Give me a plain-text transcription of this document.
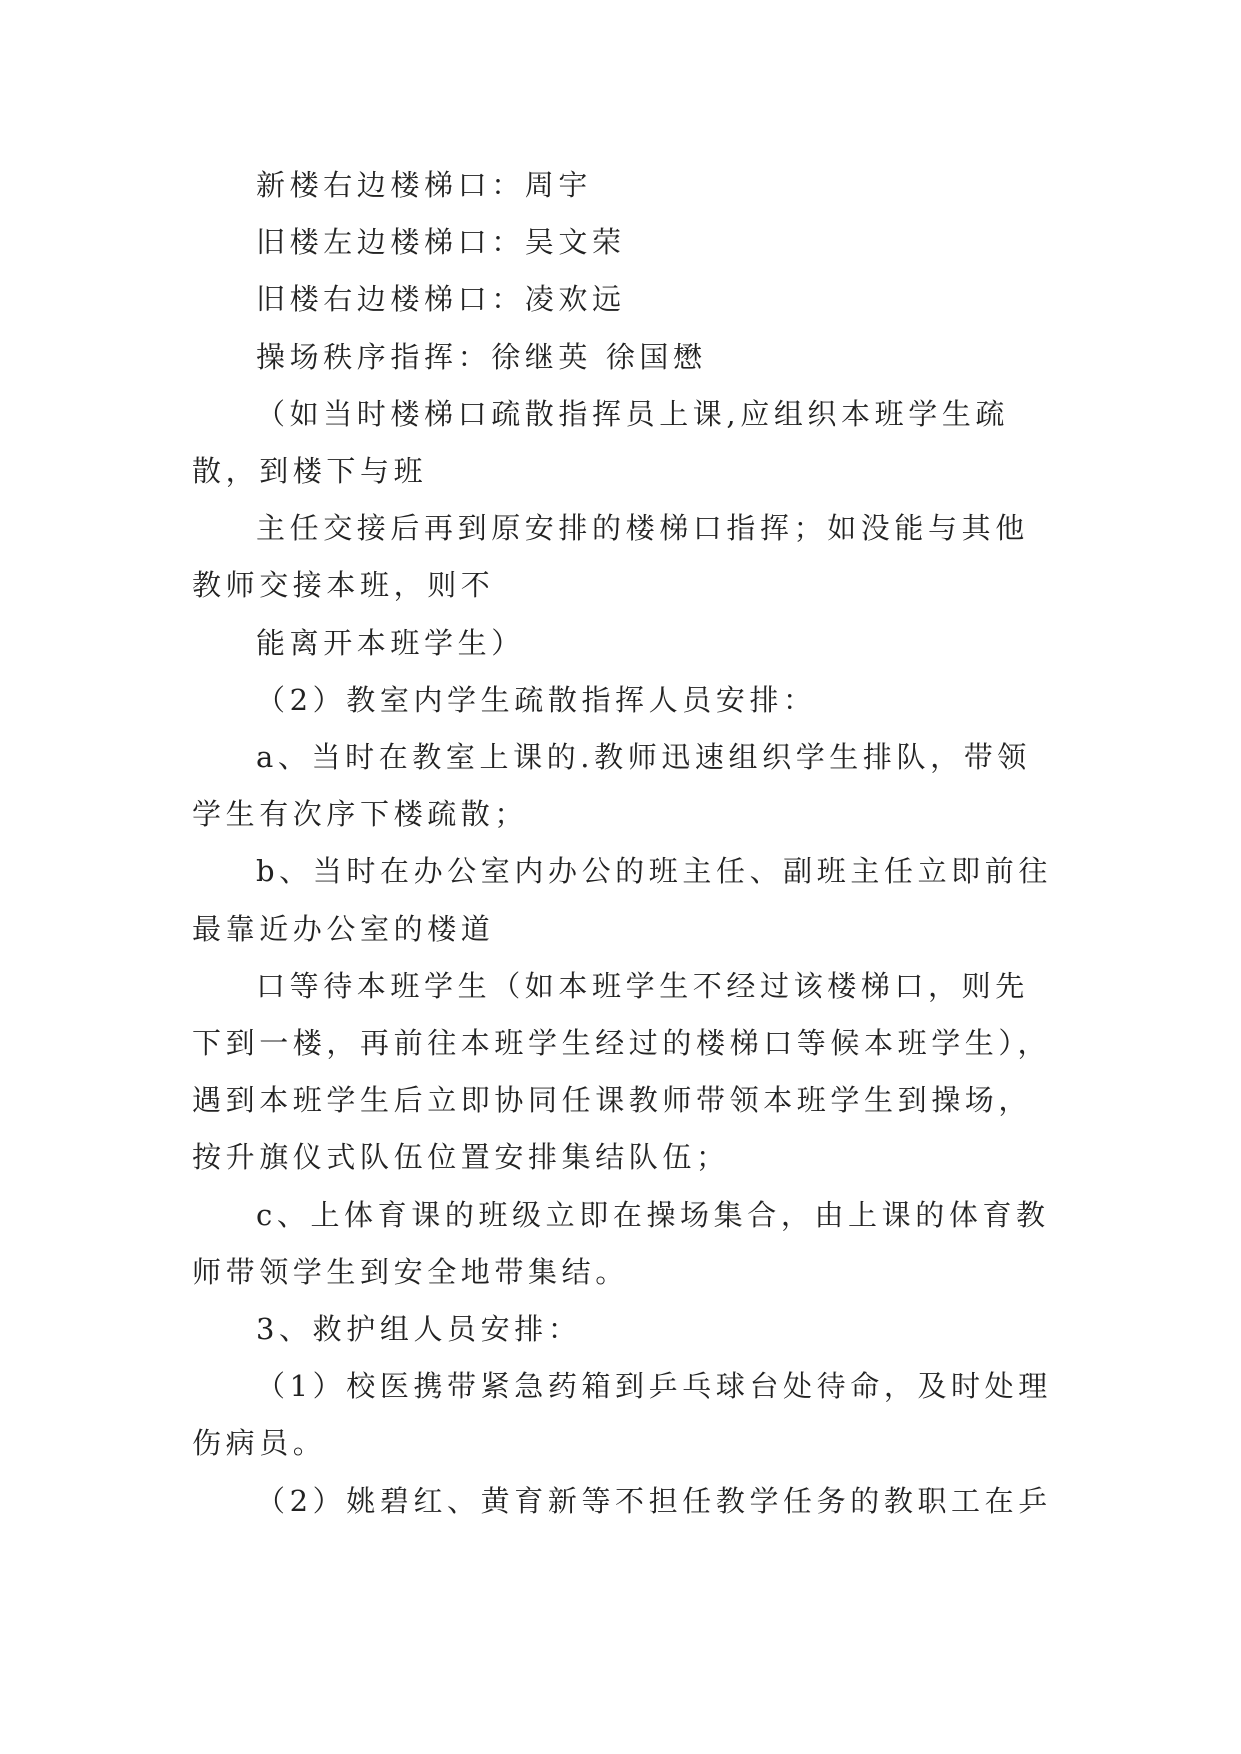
新楼右边楼梯口：周宇

旧楼左边楼梯口：吴文荣

旧楼右边楼梯口：凌欢远

操场秩序指挥：徐继英 徐国懋

（如当时楼梯口疏散指挥员上课,应组织本班学生疏散，到楼下与班

主任交接后再到原安排的楼梯口指挥；如没能与其他教师交接本班，则不

能离开本班学生）

（2）教室内学生疏散指挥人员安排：

a、当时在教室上课的.教师迅速组织学生排队，带领学生有次序下楼疏散；

b、当时在办公室内办公的班主任、副班主任立即前往最靠近办公室的楼道

口等待本班学生（如本班学生不经过该楼梯口，则先下到一楼，再前往本班学生经过的楼梯口等候本班学生），遇到本班学生后立即协同任课教师带领本班学生到操场，按升旗仪式队伍位置安排集结队伍；

c、上体育课的班级立即在操场集合，由上课的体育教师带领学生到安全地带集结。

3、救护组人员安排：

（1）校医携带紧急药箱到乒乓球台处待命，及时处理伤病员。

（2）姚碧红、黄育新等不担任教学任务的教职工在乒
